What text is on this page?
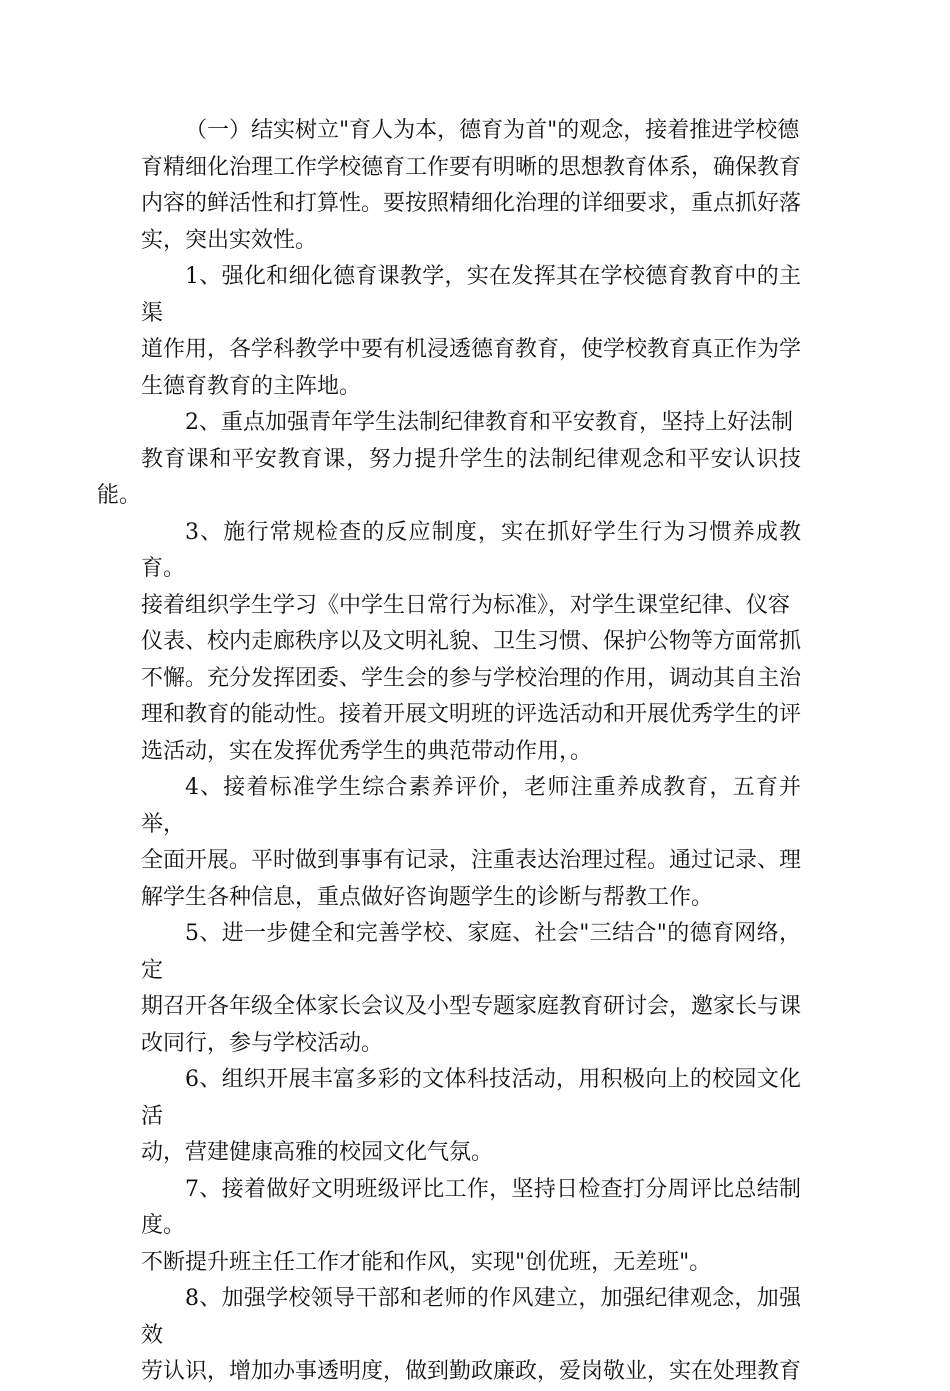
（一）结实树立"育人为本，德育为首"的观念，接着推进学校德
育精细化治理工作学校德育工作要有明晰的思想教育体系，确保教育
内容的鲜活性和打算性。要按照精细化治理的详细要求，重点抓好落
实，突出实效性。

1、强化和细化德育课教学，实在发挥其在学校德育教育中的主渠
道作用，各学科教学中要有机浸透德育教育，使学校教育真正作为学
生德育教育的主阵地。

2、重点加强青年学生法制纪律教育和平安教育，坚持上好法制
教育课和平安教育课，努力提升学生的法制纪律观念和平安认识技能。

3、施行常规检查的反应制度，实在抓好学生行为习惯养成教育。
接着组织学生学习《中学生日常行为标准》，对学生课堂纪律、仪容
仪表、校内走廊秩序以及文明礼貌、卫生习惯、保护公物等方面常抓
不懈。充分发挥团委、学生会的参与学校治理的作用，调动其自主治
理和教育的能动性。接着开展文明班的评选活动和开展优秀学生的评
选活动，实在发挥优秀学生的典范带动作用，。

4、接着标准学生综合素养评价，老师注重养成教育，五育并举，
全面开展。平时做到事事有记录，注重表达治理过程。通过记录、理
解学生各种信息，重点做好咨询题学生的诊断与帮教工作。

5、进一步健全和完善学校、家庭、社会"三结合"的德育网络，定
期召开各年级全体家长会议及小型专题家庭教育研讨会，邀家长与课
改同行，参与学校活动。

6、组织开展丰富多彩的文体科技活动，用积极向上的校园文化活
动，营建健康高雅的校园文化气氛。

7、接着做好文明班级评比工作，坚持日检查打分周评比总结制度。
不断提升班主任工作才能和作风，实现"创优班，无差班"。

8、加强学校领导干部和老师的作风建立，加强纪律观念，加强效
劳认识，增加办事透明度，做到勤政廉政，爱岗敬业，实在处理教育
